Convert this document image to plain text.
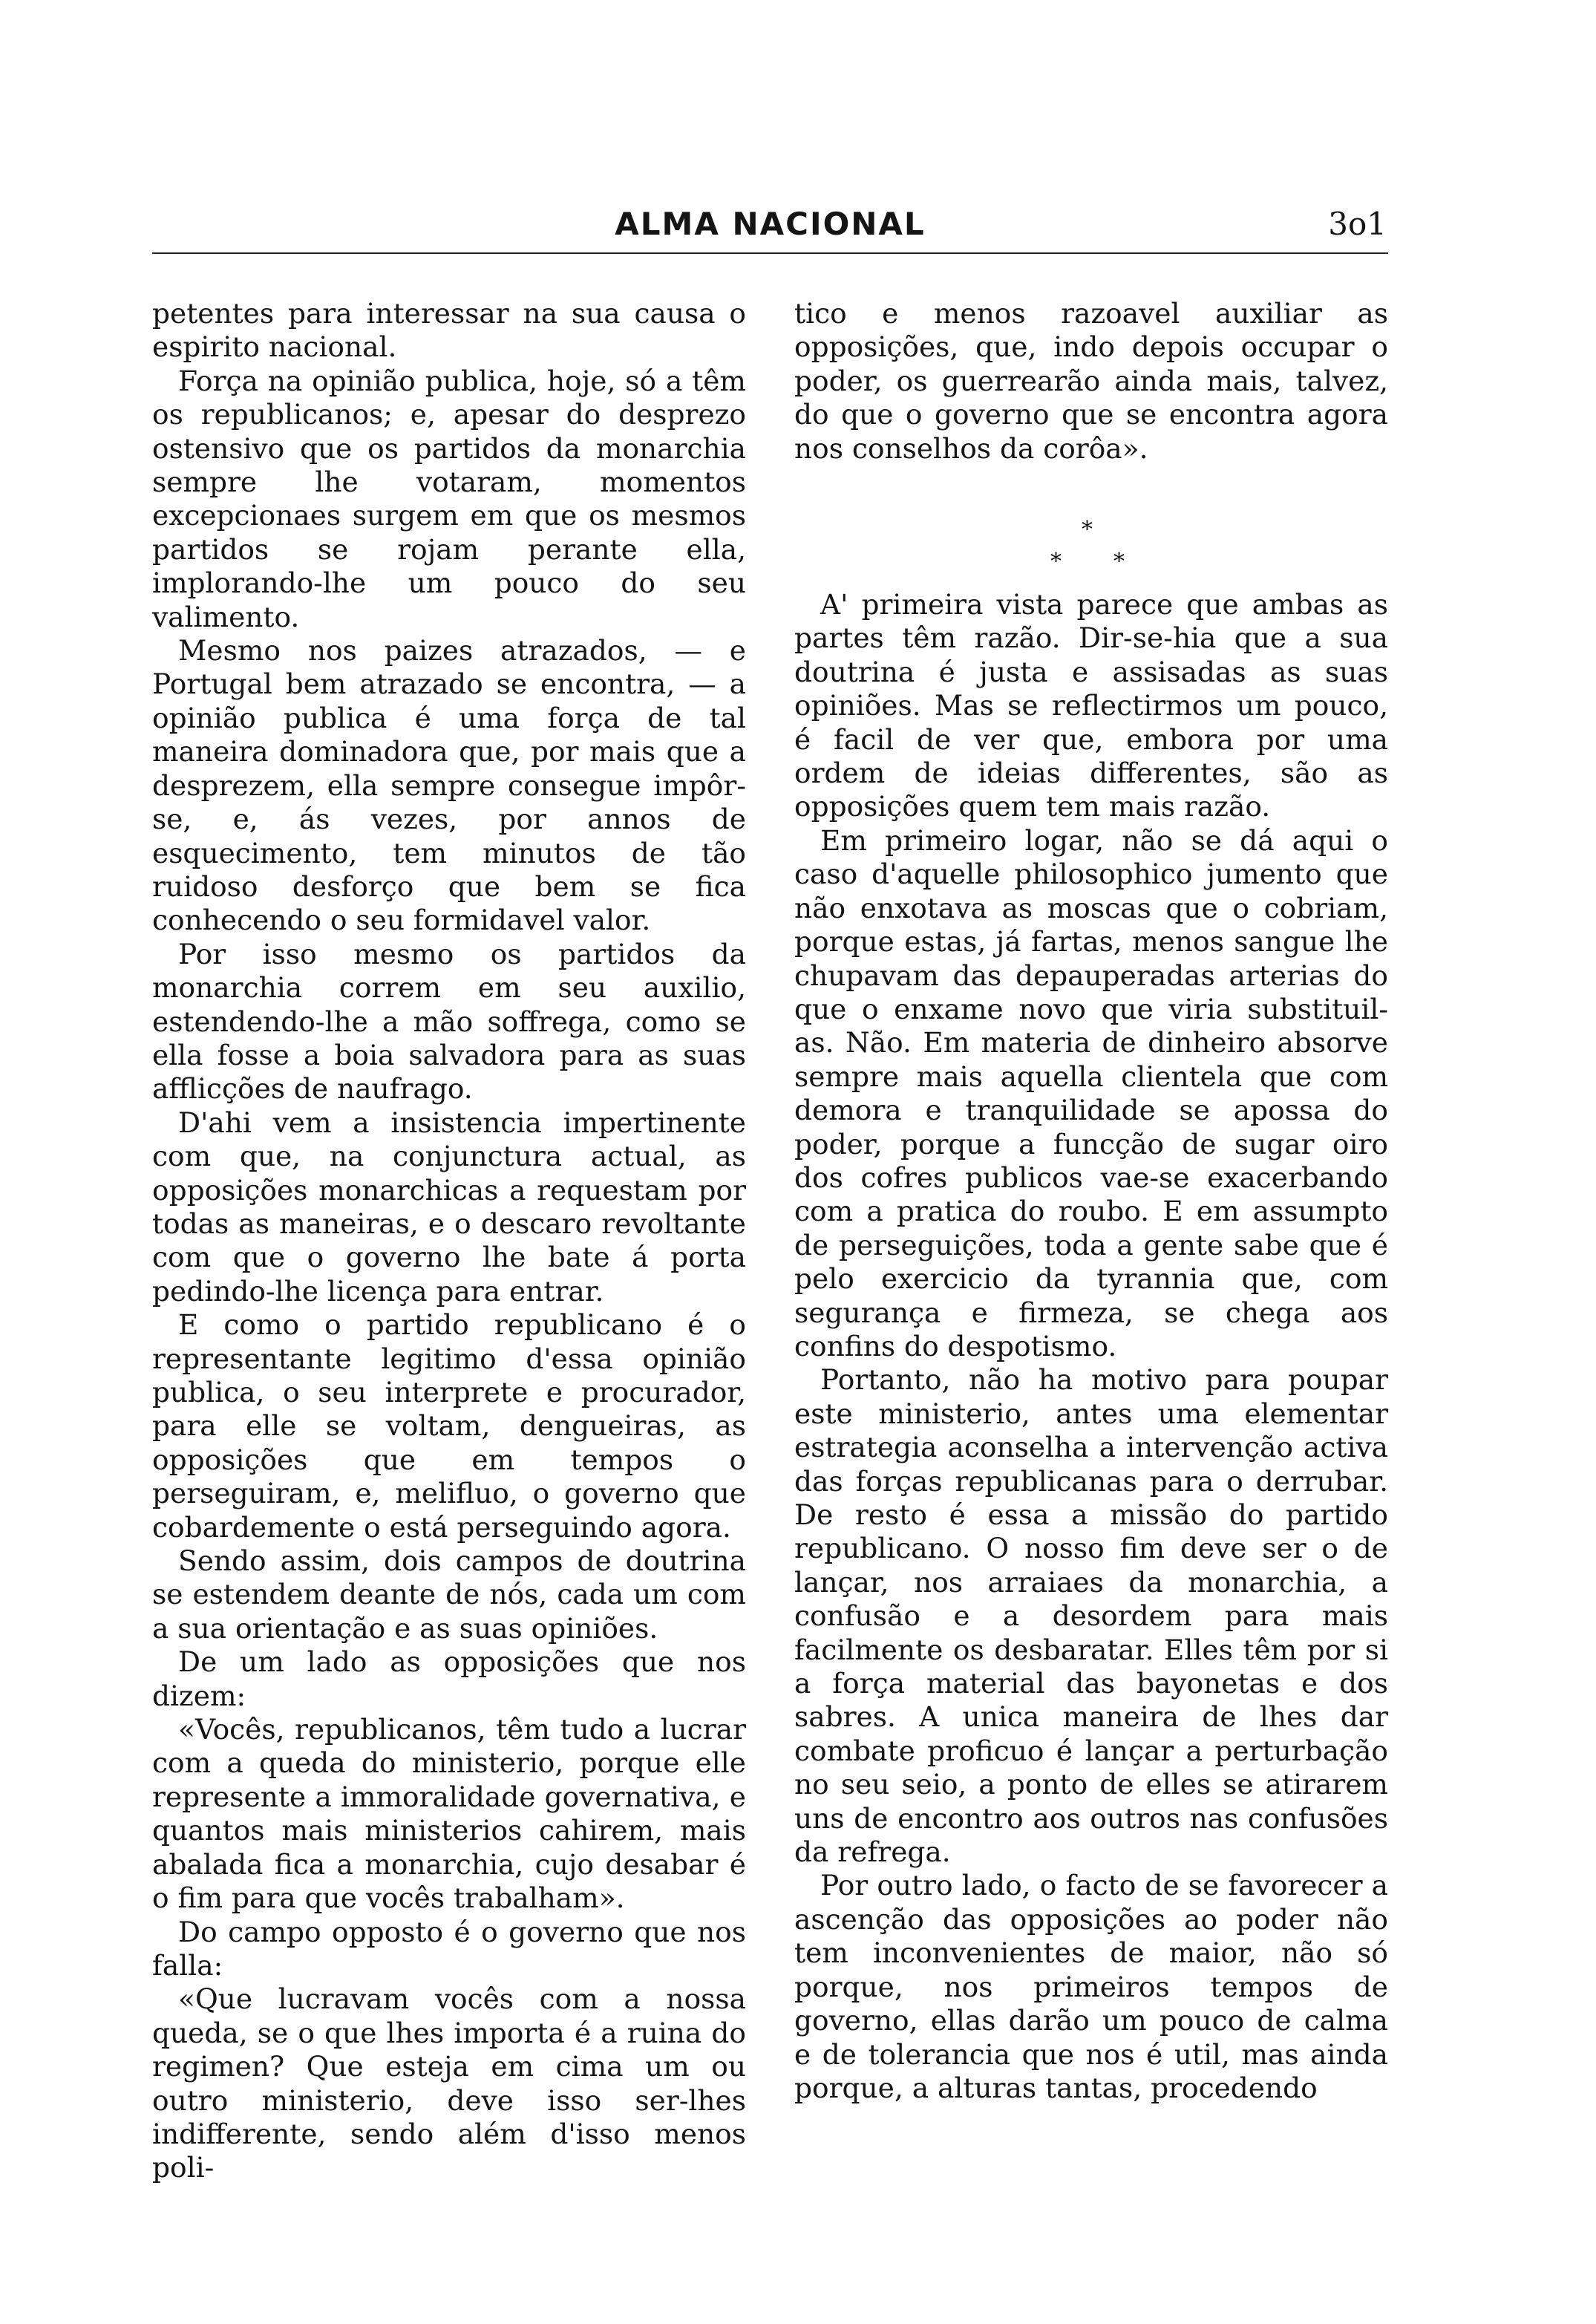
ALMA NACIONAL	3o1

petentes para interessar na sua causa o espirito nacional.

Força na opinião publica, hoje, só a têm os republicanos; e, apesar do desprezo ostensivo que os partidos da monarchia sempre lhe votaram, momentos excepcionaes surgem em que os mesmos partidos se rojam perante ella, implorando-lhe um pouco do seu valimento.

Mesmo nos paizes atrazados, — e Portugal bem atrazado se encontra, — a opinião publica é uma força de tal maneira dominadora que, por mais que a desprezem, ella sempre consegue impôr-se, e, ás vezes, por annos de esquecimento, tem minutos de tão ruidoso desforço que bem se fica conhecendo o seu formidavel valor.

Por isso mesmo os partidos da monarchia correm em seu auxilio, estendendo-lhe a mão soffrega, como se ella fosse a boia salvadora para as suas afflicções de naufrago.

D'ahi vem a insistencia impertinente com que, na conjunctura actual, as opposições monarchicas a requestam por todas as maneiras, e o descaro revoltante com que o governo lhe bate á porta pedindo-lhe licença para entrar.

E como o partido republicano é o representante legitimo d'essa opinião publica, o seu interprete e procurador, para elle se voltam, dengueiras, as opposições que em tempos o perseguiram, e, melifluo, o governo que cobardemente o está perseguindo agora.

Sendo assim, dois campos de doutrina se estendem deante de nós, cada um com a sua orientação e as suas opiniões.

De um lado as opposições que nos dizem:

«Vocês, republicanos, têm tudo a lucrar com a queda do ministerio, porque elle represente a immoralidade governativa, e quantos mais ministerios cahirem, mais abalada fica a monarchia, cujo desabar é o fim para que vocês trabalham».

Do campo opposto é o governo que nos falla:

«Que lucravam vocês com a nossa queda, se o que lhes importa é a ruina do regimen? Que esteja em cima um ou outro ministerio, deve isso ser-lhes indifferente, sendo além d'isso menos poli-

tico e menos razoavel auxiliar as opposições, que, indo depois occupar o poder, os guerrearão ainda mais, talvez, do que o governo que se encontra agora nos conselhos da corôa».

*
* *

A' primeira vista parece que ambas as partes têm razão. Dir-se-hia que a sua doutrina é justa e assisadas as suas opiniões. Mas se reflectirmos um pouco, é facil de ver que, embora por uma ordem de ideias differentes, são as opposições quem tem mais razão.

Em primeiro logar, não se dá aqui o caso d'aquelle philosophico jumento que não enxotava as moscas que o cobriam, porque estas, já fartas, menos sangue lhe chupavam das depauperadas arterias do que o enxame novo que viria substituil-as. Não. Em materia de dinheiro absorve sempre mais aquella clientela que com demora e tranquilidade se apossa do poder, porque a funcção de sugar oiro dos cofres publicos vae-se exacerbando com a pratica do roubo. E em assumpto de perseguições, toda a gente sabe que é pelo exercicio da tyrannia que, com segurança e firmeza, se chega aos confins do despotismo.

Portanto, não ha motivo para poupar este ministerio, antes uma elementar estrategia aconselha a intervenção activa das forças republicanas para o derrubar. De resto é essa a missão do partido republicano. O nosso fim deve ser o de lançar, nos arraiaes da monarchia, a confusão e a desordem para mais facilmente os desbaratar. Elles têm por si a força material das bayonetas e dos sabres. A unica maneira de lhes dar combate proficuo é lançar a perturbação no seu seio, a ponto de elles se atirarem uns de encontro aos outros nas confusões da refrega.

Por outro lado, o facto de se favorecer a ascenção das opposições ao poder não tem inconvenientes de maior, não só porque, nos primeiros tempos de governo, ellas darão um pouco de calma e de tolerancia que nos é util, mas ainda porque, a alturas tantas, procedendo
